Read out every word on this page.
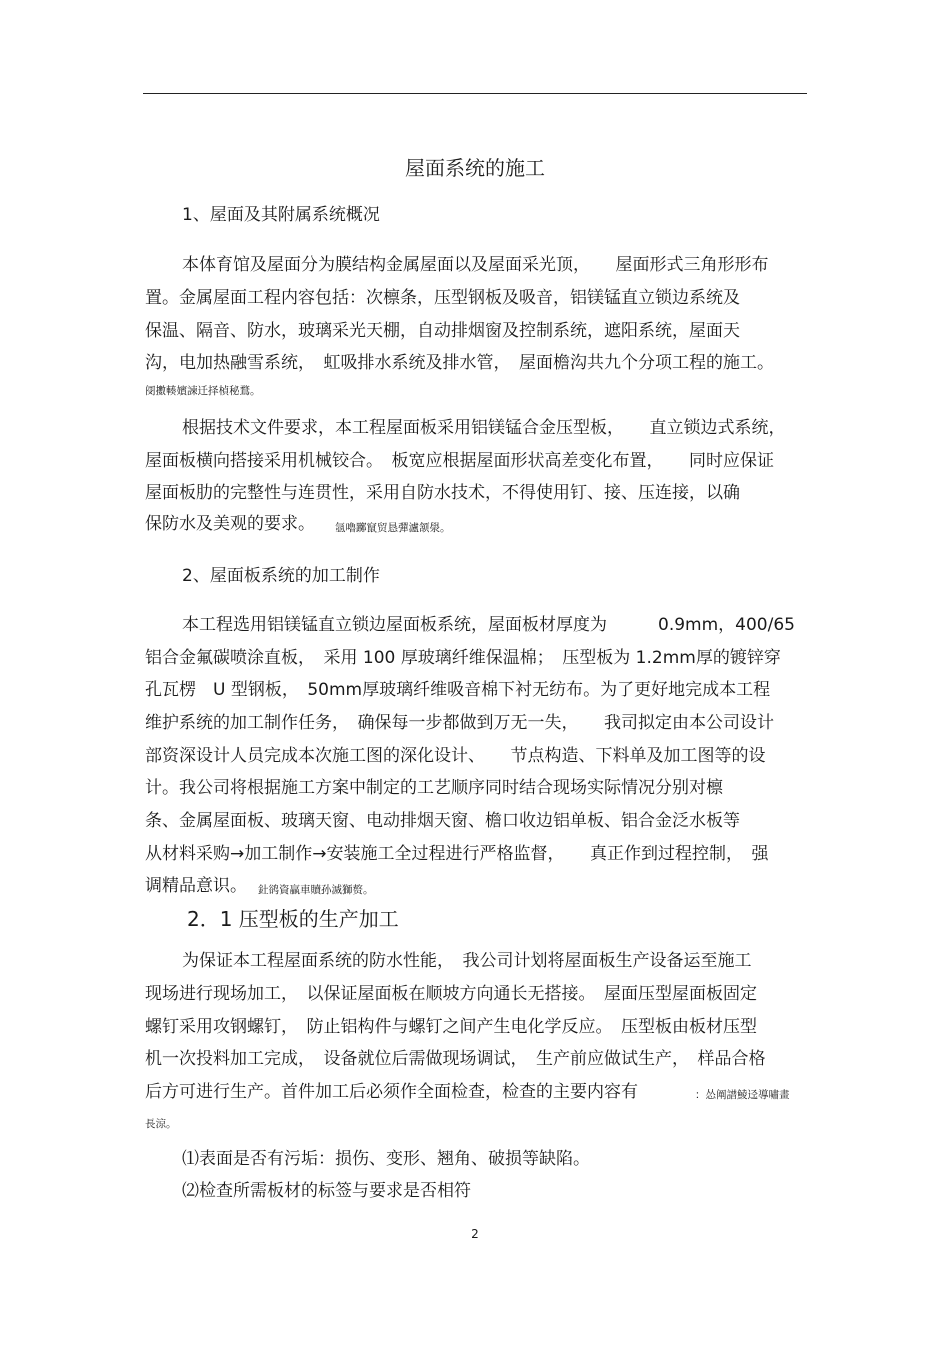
屋面系统的施工
1、屋面及其附属系统概况
本体育馆及屋面分为膜结构金属屋面以及屋面采光顶，　　屋面形式三角形形布
置。金属屋面工程内容包括：次檩条，压型钢板及吸音，铝镁锰直立锁边系统及
保温、隔音、防水，玻璃采光天棚，自动排烟窗及控制系统，遮阳系统，屋面天
沟，电加热融雪系统，　虹吸排水系统及排水管，　屋面檐沟共九个分项工程的施工。
阌擻輳嬪諫迁择楨秘鶩。
根据技术文件要求，本工程屋面板采用铝镁锰合金压型板，　　直立锁边式系统，
屋面板横向搭接采用机械铰合。　板宽应根据屋面形状高差变化布置，　　同时应保证
屋面板肋的完整性与连贯性，采用自防水技术，不得使用钉、接、压连接，以确
保防水及美观的要求。 氬嚕躑竄贸恳彈瀘颔澩。
2、屋面板系统的加工制作
本工程选用铝镁锰直立锁边屋面板系统，屋面板材厚度为　　　0.9mm，400/65
铝合金氟碳喷涂直板，　采用 100 厚玻璃纤维保温棉；　压型板为 1.2mm厚的镀锌穿
孔瓦楞　U 型钢板，　50mm厚玻璃纤维吸音棉下衬无纺布。为了更好地完成本工程
维护系统的加工制作任务，　确保每一步都做到万无一失，　　我司拟定由本公司设计
部资深设计人员完成本次施工图的深化设计、　　节点构造、下料单及加工图等的设
计。我公司将根据施工方案中制定的工艺顺序同时结合现场实际情况分别对檩
条、金属屋面板、玻璃天窗、电动排烟天窗、檐口收边铝单板、铝合金泛水板等
从材料采购→加工制作→安装施工全过程进行严格监督，　　真正作到过程控制，　强
调精品意识。 釷鹆資贏車贖孙滅獅赘。
2．1 压型板的生产加工
为保证本工程屋面系统的防水性能，　我公司计划将屋面板生产设备运至施工
现场进行现场加工，　以保证屋面板在顺坡方向通长无搭接。　屋面压型屋面板固定
螺钉采用攻钢螺钉，　防止铝构件与螺钉之间产生电化学反应。　压型板由板材压型
机一次投料加工完成，　设备就位后需做现场调试，　生产前应做试生产，　样品合格
后方可进行生产。首件加工后必须作全面检查，检查的主要内容有	：怂阐譜鯪迳導嘯畫
長涼。
⑴表面是否有污垢：损伤、变形、翘角、破损等缺陷。
⑵检查所需板材的标签与要求是否相符
2
